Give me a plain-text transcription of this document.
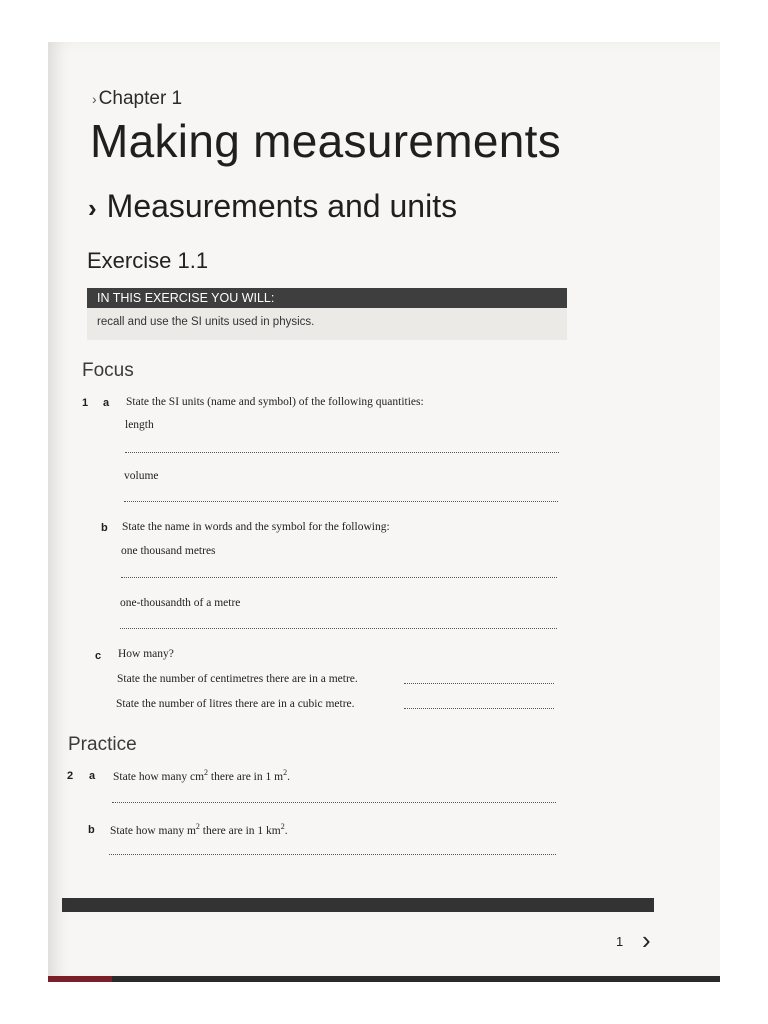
› Chapter 1
Making measurements
› Measurements and units
Exercise 1.1
IN THIS EXERCISE YOU WILL:
recall and use the SI units used in physics.
Focus
1 a State the SI units (name and symbol) of the following quantities:
length
volume
b State the name in words and the symbol for the following:
one thousand metres
one-thousandth of a metre
c How many?
State the number of centimetres there are in a metre.
State the number of litres there are in a cubic metre.
Practice
2 a State how many $cm^2$ there are in 1 $m^2$.
b State how many $m^2$ there are in 1 $km^2$.
1 ›
